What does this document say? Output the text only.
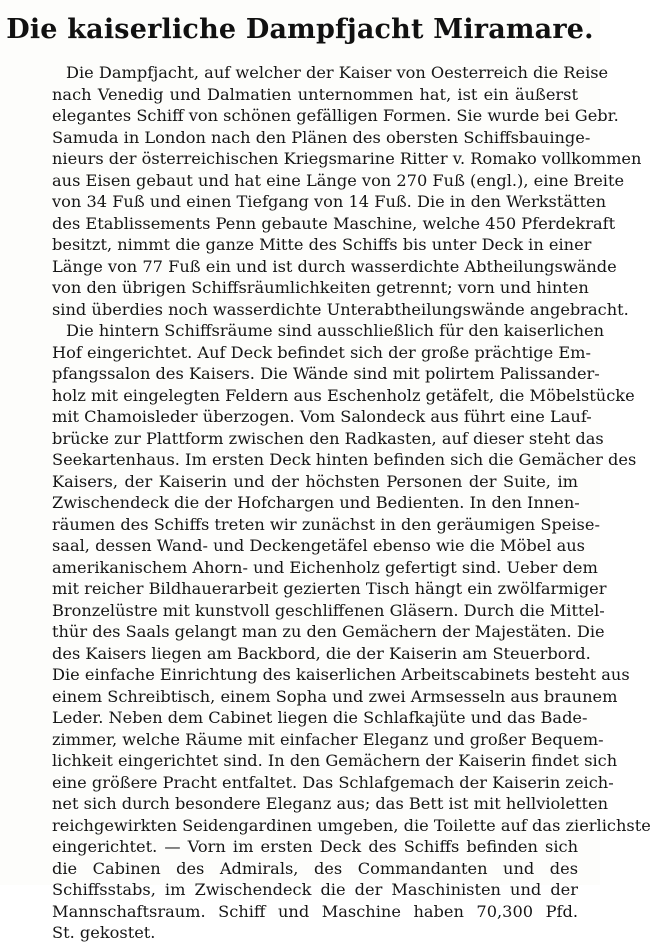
Die kaiserliche Dampfjacht Miramare.
Die Dampfjacht, auf welcher der Kaiser von Oesterreich die Reise
nach Venedig und Dalmatien unternommen hat, ist ein äußerst
elegantes Schiff von schönen gefälligen Formen. Sie wurde bei Gebr.
Samuda in London nach den Plänen des obersten Schiffsbauinge-
nieurs der österreichischen Kriegsmarine Ritter v. Romako vollkommen
aus Eisen gebaut und hat eine Länge von 270 Fuß (engl.), eine Breite
von 34 Fuß und einen Tiefgang von 14 Fuß. Die in den Werkstätten
des Etablissements Penn gebaute Maschine, welche 450 Pferdekraft
besitzt, nimmt die ganze Mitte des Schiffs bis unter Deck in einer
Länge von 77 Fuß ein und ist durch wasserdichte Abtheilungswände
von den übrigen Schiffsräumlichkeiten getrennt; vorn und hinten
sind überdies noch wasserdichte Unterabtheilungswände angebracht.
Die hintern Schiffsräume sind ausschließlich für den kaiserlichen
Hof eingerichtet. Auf Deck befindet sich der große prächtige Em-
pfangssalon des Kaisers. Die Wände sind mit polirtem Palissander-
holz mit eingelegten Feldern aus Eschenholz getäfelt, die Möbelstücke
mit Chamoisleder überzogen. Vom Salondeck aus führt eine Lauf-
brücke zur Plattform zwischen den Radkasten, auf dieser steht das
Seekartenhaus. Im ersten Deck hinten befinden sich die Gemächer des
Kaisers, der Kaiserin und der höchsten Personen der Suite, im
Zwischendeck die der Hofchargen und Bedienten. In den Innen-
räumen des Schiffs treten wir zunächst in den geräumigen Speise-
saal, dessen Wand- und Deckengetäfel ebenso wie die Möbel aus
amerikanischem Ahorn- und Eichenholz gefertigt sind. Ueber dem
mit reicher Bildhauerarbeit gezierten Tisch hängt ein zwölfarmiger
Bronzelüstre mit kunstvoll geschliffenen Gläsern. Durch die Mittel-
thür des Saals gelangt man zu den Gemächern der Majestäten. Die
des Kaisers liegen am Backbord, die der Kaiserin am Steuerbord.
Die einfache Einrichtung des kaiserlichen Arbeitscabinets besteht aus
einem Schreibtisch, einem Sopha und zwei Armsesseln aus braunem
Leder. Neben dem Cabinet liegen die Schlafkajüte und das Bade-
zimmer, welche Räume mit einfacher Eleganz und großer Bequem-
lichkeit eingerichtet sind. In den Gemächern der Kaiserin findet sich
eine größere Pracht entfaltet. Das Schlafgemach der Kaiserin zeich-
net sich durch besondere Eleganz aus; das Bett ist mit hellvioletten
reichgewirkten Seidengardinen umgeben, die Toilette auf das zierlichste
eingerichtet. — Vorn im ersten Deck des Schiffs befinden sich
die Cabinen des Admirals, des Commandanten und des
Schiffsstabs, im Zwischendeck die der Maschinisten und der
Mannschaftsraum. Schiff und Maschine haben 70,300 Pfd.
St. gekostet.
